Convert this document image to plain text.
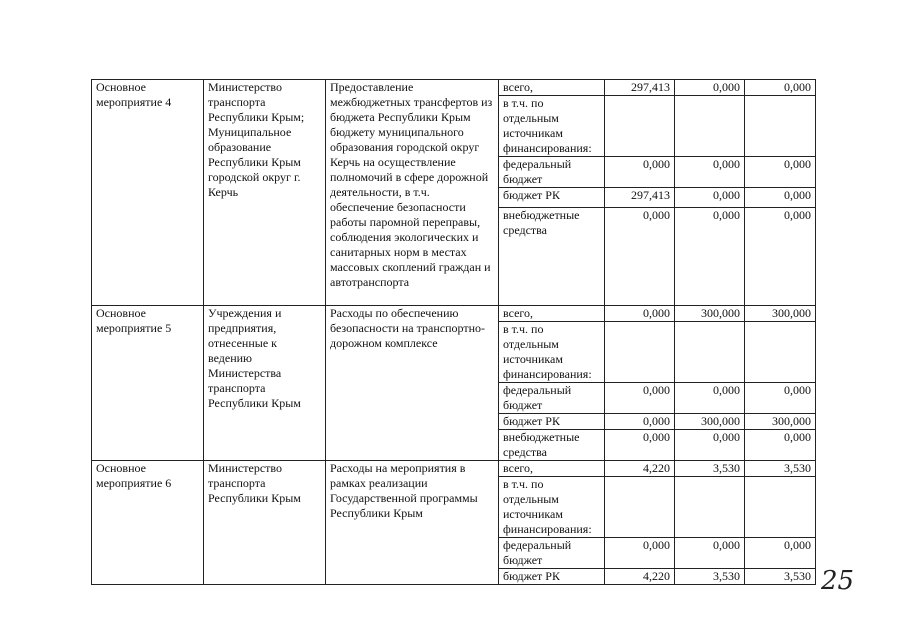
Основное мероприятие 4	Министерство транспорта Республики Крым; Муниципальное образование Республики Крым городской округ г. Керчь	Предоставление межбюджетных трансфертов из бюджета Республики Крым бюджету муниципального образования городской округ Керчь на осуществление полномочий в сфере дорожной деятельности, в т.ч. обеспечение безопасности работы паромной переправы, соблюдения экологических и санитарных норм в местах массовых скоплений граждан и автотранспорта	всего,	297,413	0,000	0,000
			в т.ч. по отдельным источникам финансирования:			
			федеральный бюджет	0,000	0,000	0,000
			бюджет РК	297,413	0,000	0,000
			внебюджетные средства	0,000	0,000	0,000
Основное мероприятие 5	Учреждения и предприятия, отнесенные к ведению Министерства транспорта Республики Крым	Расходы по обеспечению безопасности на транспортно-дорожном комплексе	всего,	0,000	300,000	300,000
			в т.ч. по отдельным источникам финансирования:			
			федеральный бюджет	0,000	0,000	0,000
			бюджет РК	0,000	300,000	300,000
			внебюджетные средства	0,000	0,000	0,000
Основное мероприятие 6	Министерство транспорта Республики Крым	Расходы на мероприятия в рамках реализации Государственной программы Республики Крым	всего,	4,220	3,530	3,530
			в т.ч. по отдельным источникам финансирования:			
			федеральный бюджет	0,000	0,000	0,000
			бюджет РК	4,220	3,530	3,530 25
